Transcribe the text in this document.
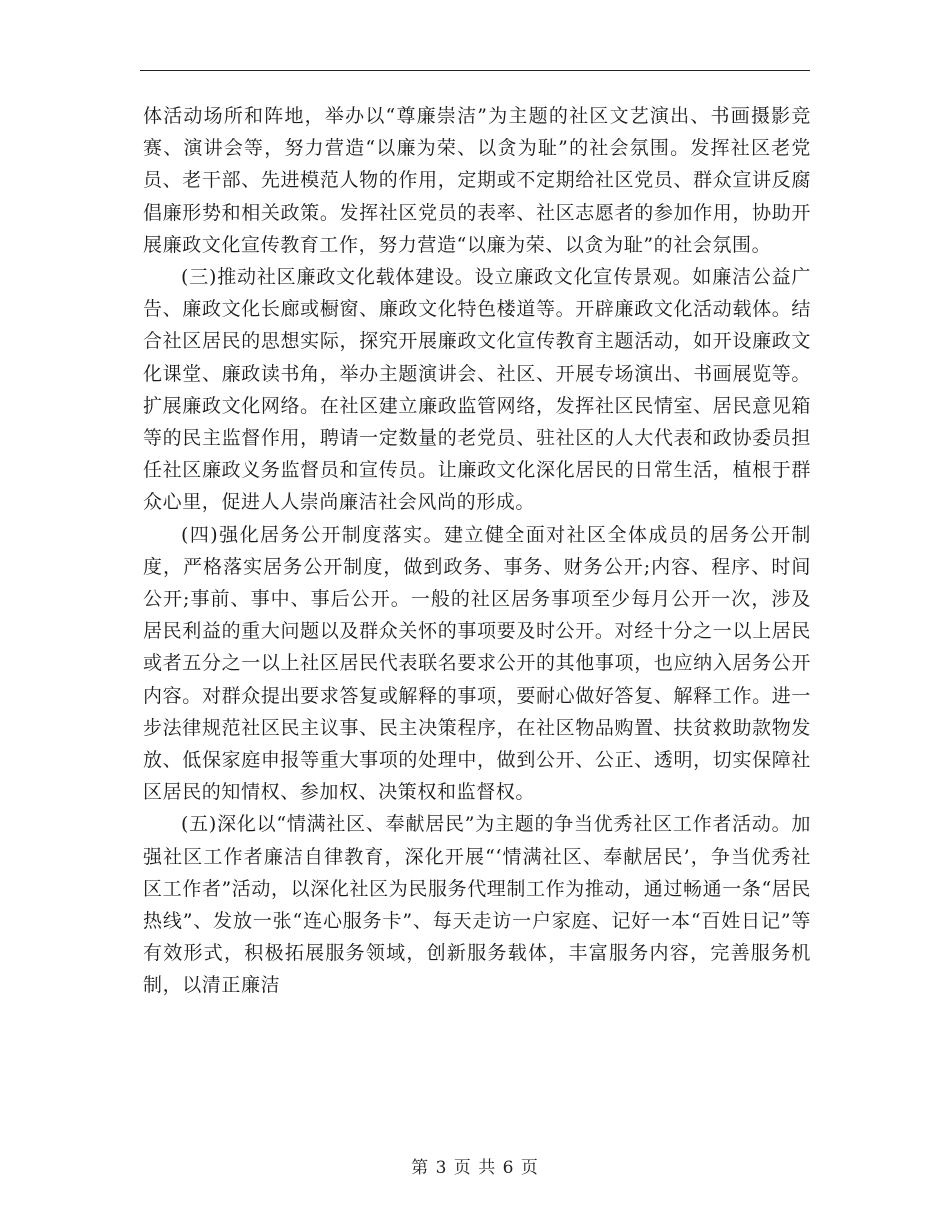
体活动场所和阵地，举办以“尊廉崇洁”为主题的社区文艺演出、书画摄影竞赛、演讲会等，努力营造“以廉为荣、以贪为耻”的社会氛围。发挥社区老党员、老干部、先进模范人物的作用，定期或不定期给社区党员、群众宣讲反腐倡廉形势和相关政策。发挥社区党员的表率、社区志愿者的参加作用，协助开展廉政文化宣传教育工作，努力营造“以廉为荣、以贪为耻”的社会氛围。

(三)推动社区廉政文化载体建设。设立廉政文化宣传景观。如廉洁公益广告、廉政文化长廊或橱窗、廉政文化特色楼道等。开辟廉政文化活动载体。结合社区居民的思想实际，探究开展廉政文化宣传教育主题活动，如开设廉政文化课堂、廉政读书角，举办主题演讲会、社区、开展专场演出、书画展览等。扩展廉政文化网络。在社区建立廉政监管网络，发挥社区民情室、居民意见箱等的民主监督作用，聘请一定数量的老党员、驻社区的人大代表和政协委员担任社区廉政义务监督员和宣传员。让廉政文化深化居民的日常生活，植根于群众心里，促进人人崇尚廉洁社会风尚的形成。

(四)强化居务公开制度落实。建立健全面对社区全体成员的居务公开制度，严格落实居务公开制度，做到政务、事务、财务公开;内容、程序、时间公开;事前、事中、事后公开。一般的社区居务事项至少每月公开一次，涉及居民利益的重大问题以及群众关怀的事项要及时公开。对经十分之一以上居民或者五分之一以上社区居民代表联名要求公开的其他事项，也应纳入居务公开内容。对群众提出要求答复或解释的事项，要耐心做好答复、解释工作。进一步法律规范社区民主议事、民主决策程序，在社区物品购置、扶贫救助款物发放、低保家庭申报等重大事项的处理中，做到公开、公正、透明，切实保障社区居民的知情权、参加权、决策权和监督权。

(五)深化以“情满社区、奉献居民”为主题的争当优秀社区工作者活动。加强社区工作者廉洁自律教育，深化开展“‘情满社区、奉献居民’，争当优秀社区工作者”活动，以深化社区为民服务代理制工作为推动，通过畅通一条“居民热线”、发放一张“连心服务卡”、每天走访一户家庭、记好一本“百姓日记”等有效形式，积极拓展服务领域，创新服务载体，丰富服务内容，完善服务机制，以清正廉洁

第 3 页 共 6 页
